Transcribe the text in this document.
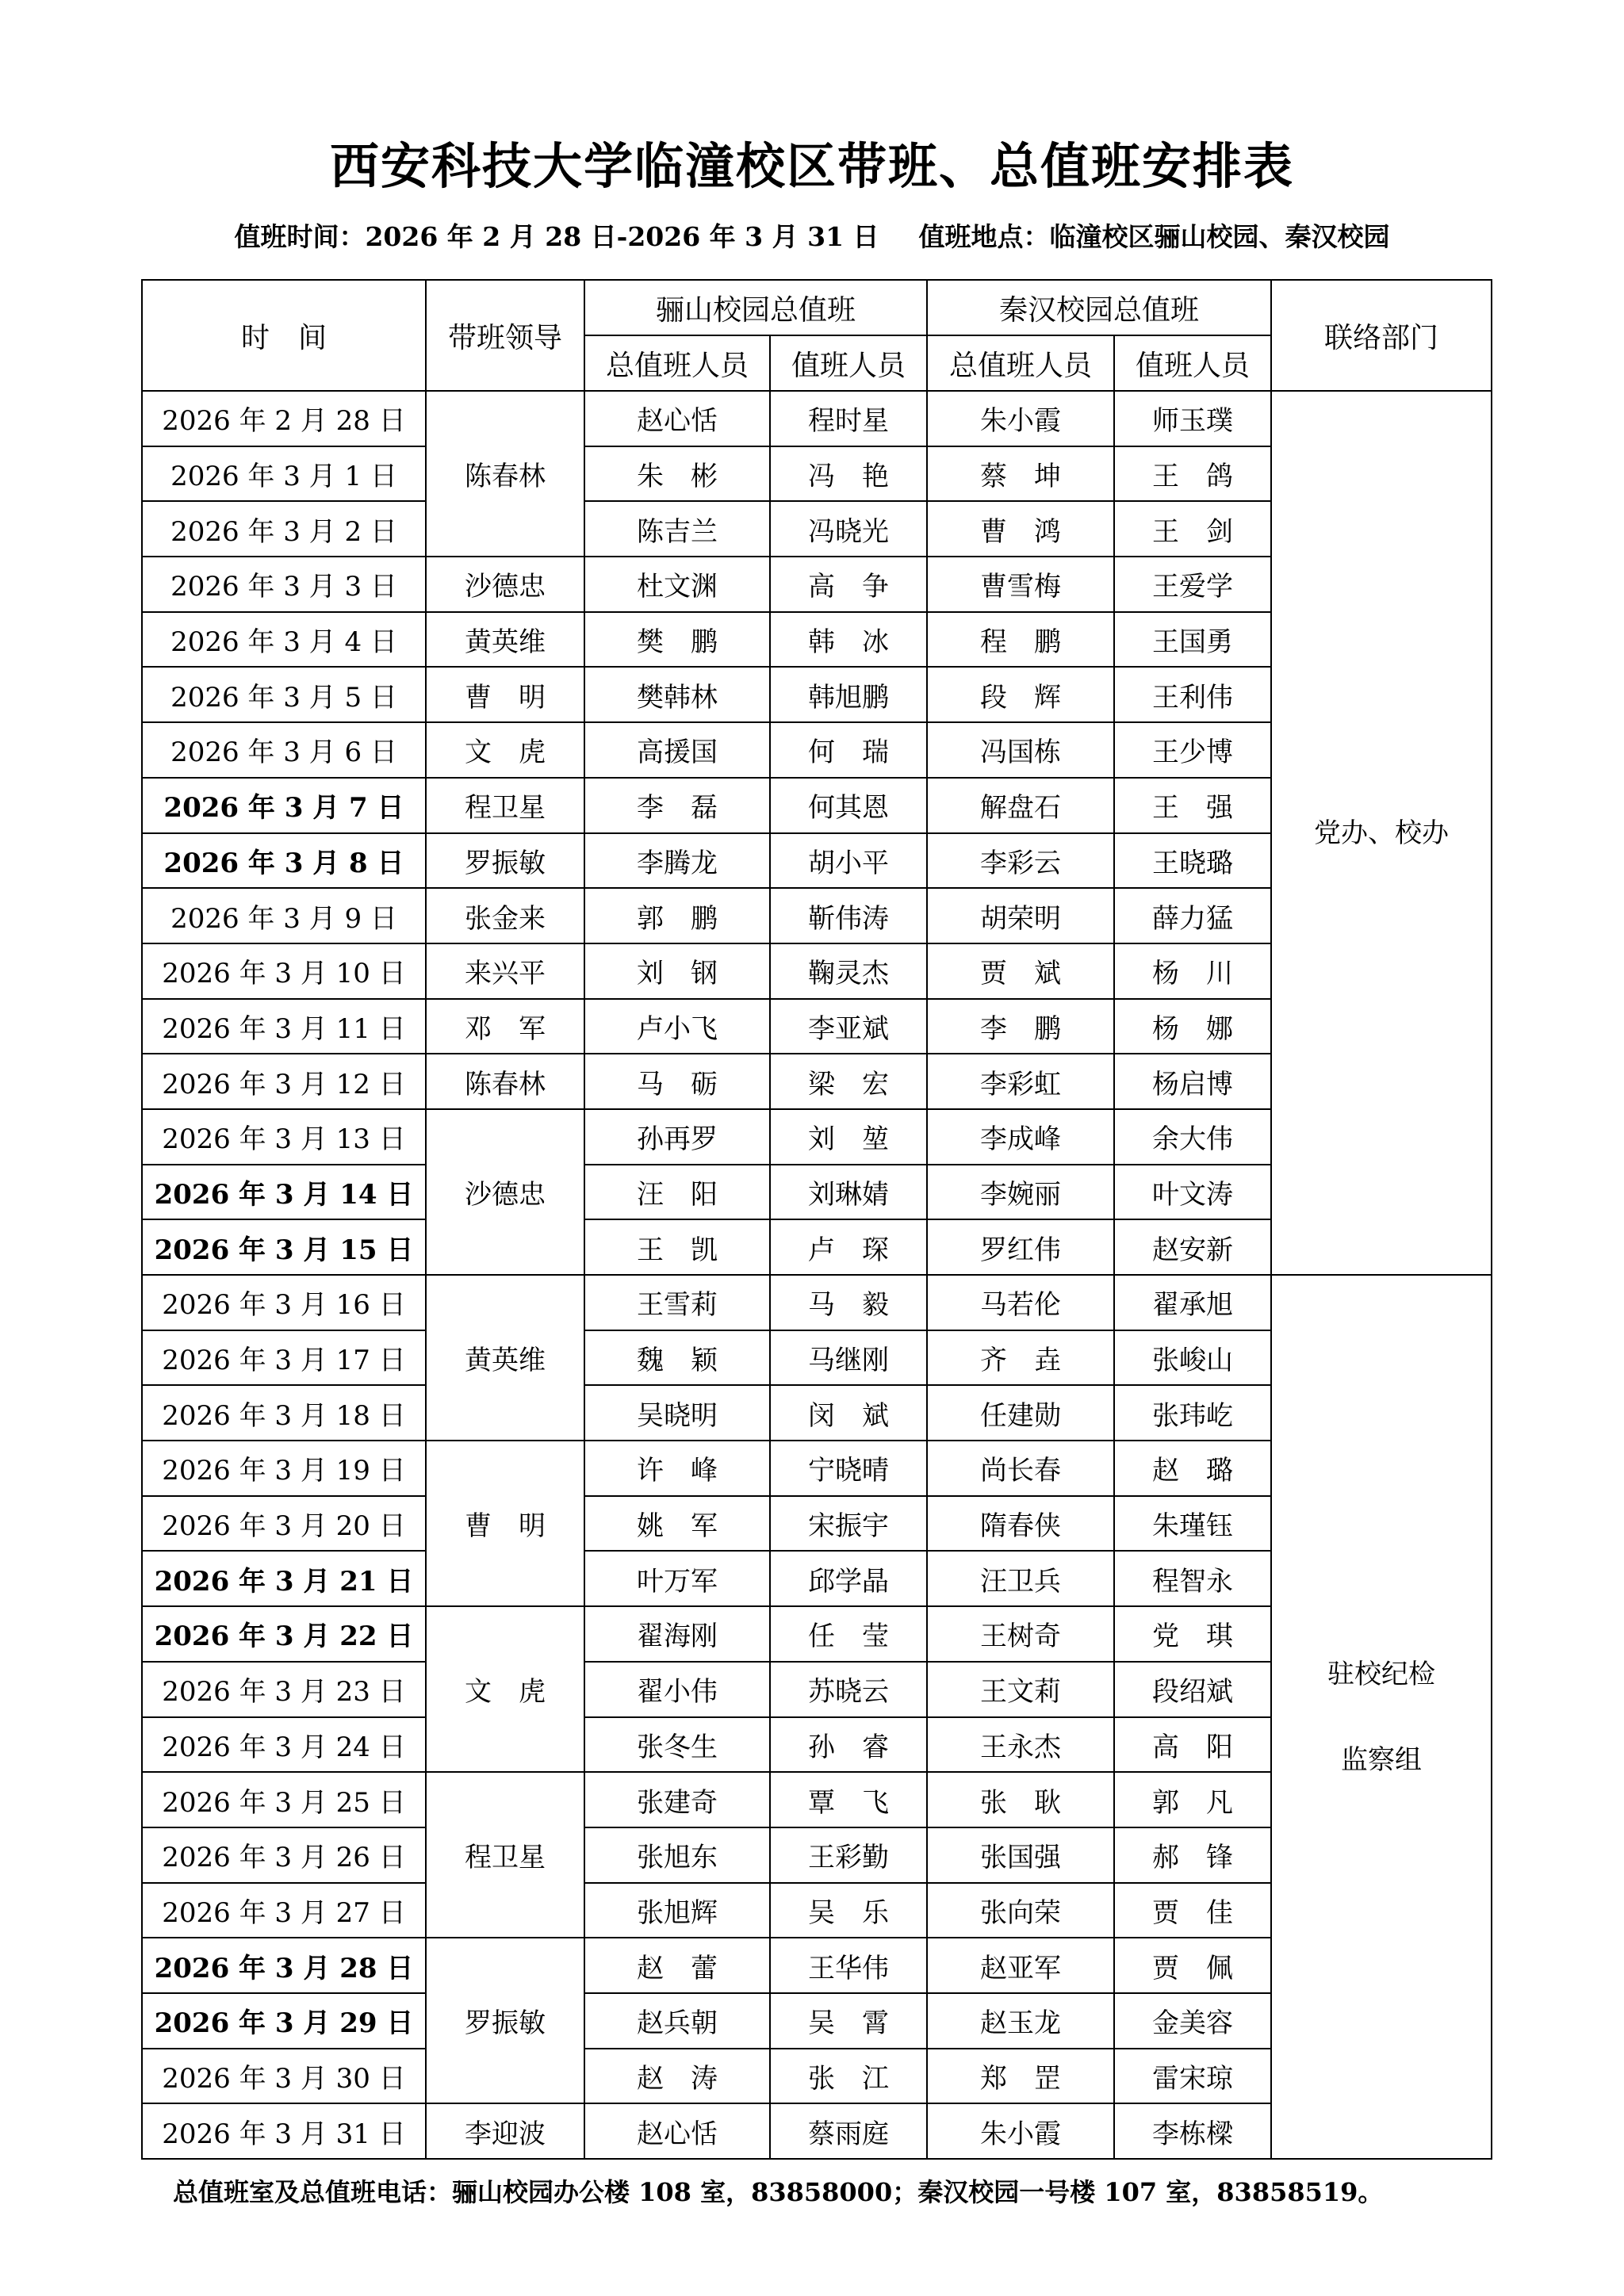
西安科技大学临潼校区带班、总值班安排表
值班时间：2026 年 2 月 28 日-2026 年 3 月 31 日 值班地点：临潼校区骊山校园、秦汉校园
时　间	带班领导	骊山校园总值班		秦汉校园总值班		联络部门
		总值班人员	值班人员	总值班人员	值班人员	
2026 年 2 月 28 日	陈春林	赵心恬	程时星	朱小霞	师玉璞	党办、校办

2026 年 3 月 1 日		朱　彬	冯　艳	蔡　坤	王　鸽	
2026 年 3 月 2 日		陈吉兰	冯晓光	曹　鸿	王　剑	
2026 年 3 月 3 日	沙德忠	杜文渊	高　争	曹雪梅	王爱学	
2026 年 3 月 4 日	黄英维	樊　鹏	韩　冰	程　鹏	王国勇	
2026 年 3 月 5 日	曹　明	樊韩林	韩旭鹏	段　辉	王利伟	
2026 年 3 月 6 日	文　虎	高援国	何　瑞	冯国栋	王少博	
2026 年 3 月 7 日	程卫星	李　磊	何其恩	解盘石	王　强	
2026 年 3 月 8 日	罗振敏	李腾龙	胡小平	李彩云	王晓璐	
2026 年 3 月 9 日	张金来	郭　鹏	靳伟涛	胡荣明	薛力猛	
2026 年 3 月 10 日	来兴平	刘　钢	鞠灵杰	贾　斌	杨　川	
2026 年 3 月 11 日	邓　军	卢小飞	李亚斌	李　鹏	杨　娜	
2026 年 3 月 12 日	陈春林	马　砺	梁　宏	李彩虹	杨启博	
2026 年 3 月 13 日	沙德忠	孙再罗	刘　堃	李成峰	余大伟	
2026 年 3 月 14 日		汪　阳	刘琳婧	李婉丽	叶文涛	
2026 年 3 月 15 日		王　凯	卢　琛	罗红伟	赵安新	
2026 年 3 月 16 日	黄英维	王雪莉	马　毅	马若伦	翟承旭	驻校纪检
监察组

2026 年 3 月 17 日		魏　颖	马继刚	齐　垚	张峻山	
2026 年 3 月 18 日		吴晓明	闵　斌	任建勋	张玮屹	
2026 年 3 月 19 日	曹　明	许　峰	宁晓晴	尚长春	赵　璐	
2026 年 3 月 20 日		姚　军	宋振宇	隋春侠	朱瑾钰	
2026 年 3 月 21 日		叶万军	邱学晶	汪卫兵	程智永	
2026 年 3 月 22 日	文　虎	翟海刚	任　莹	王树奇	党　琪	
2026 年 3 月 23 日		翟小伟	苏晓云	王文莉	段绍斌	
2026 年 3 月 24 日		张冬生	孙　睿	王永杰	高　阳	
2026 年 3 月 25 日	程卫星	张建奇	覃　飞	张　耿	郭　凡	
2026 年 3 月 26 日		张旭东	王彩勤	张国强	郝　锋	
2026 年 3 月 27 日		张旭辉	吴　乐	张向荣	贾　佳	
2026 年 3 月 28 日	罗振敏	赵　蕾	王华伟	赵亚军	贾　佩	
2026 年 3 月 29 日		赵兵朝	吴　霄	赵玉龙	金美容	
2026 年 3 月 30 日		赵　涛	张　江	郑　罡	雷宋琼	
2026 年 3 月 31 日	李迎波	赵心恬	蔡雨庭	朱小霞	李栋樑	
总值班室及总值班电话：骊山校园办公楼 108 室，83858000；秦汉校园一号楼 107 室，83858519。
